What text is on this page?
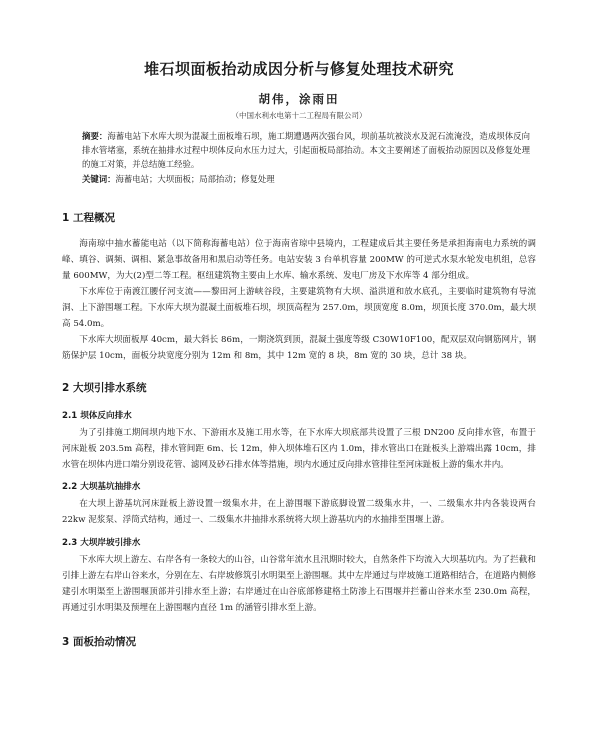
堆石坝面板抬动成因分析与修复处理技术研究
胡伟，涂雨田
（中国水利水电第十二工程局有限公司）
摘要：海蓄电站下水库大坝为混凝土面板堆石坝，施工期遭遇两次强台风，坝前基坑被淡水及泥石流淹没，造成坝体反向排水管堵塞，系统在抽排水过程中坝体反向水压力过大，引起面板局部抬动。本文主要阐述了面板抬动原因以及修复处理的施工对策，并总结施工经验。
关键词：海蓄电站；大坝面板；局部抬动；修复处理
1 工程概况

海南琼中抽水蓄能电站（以下简称海蓄电站）位于海南省琼中县境内，工程建成后其主要任务是承担海南电力系统的调峰、填谷、调频、调相、紧急事故备用和黑启动等任务。电站安装 3 台单机容量 200MW 的可逆式水泵水轮发电机组，总容量 600MW，为大(2)型二等工程。枢纽建筑物主要由上水库、输水系统、发电厂房及下水库等 4 部分组成。

下水库位于南渡江腰仔河支流——黎田河上游峡谷段，主要建筑物有大坝、溢洪道和放水底孔，主要临时建筑物有导流洞、上下游围堰工程。下水库大坝为混凝土面板堆石坝，坝顶高程为 257.0m，坝顶宽度 8.0m，坝顶长度 370.0m，最大坝高 54.0m。

下水库大坝面板厚 40cm，最大斜长 86m，一期浇筑到顶，混凝土强度等级 C30W10F100，配双层双向钢筋网片，钢筋保护层 10cm，面板分块宽度分别为 12m 和 8m，其中 12m 宽的 8 块，8m 宽的 30 块，总计 38 块。

2 大坝引排水系统
2.1 坝体反向排水

为了引排施工期间坝内地下水、下游雨水及施工用水等，在下水库大坝底部共设置了三根 DN200 反向排水管，布置于河床趾板 203.5m 高程，排水管间距 6m、长 12m，伸入坝体堆石区内 1.0m，排水管出口在趾板头上游端出露 10cm，排水管在坝体内进口端分别设花管、滤网及砂石排水体等措施，坝内水通过反向排水管排往至河床趾板上游的集水井内。

2.2 大坝基坑抽排水

在大坝上游基坑河床趾板上游设置一级集水井，在上游围堰下游底脚设置二级集水井，一、二级集水井内各装设两台 22kw 泥浆泵、浮筒式结构，通过一、二级集水井抽排水系统将大坝上游基坑内的水抽排至围堰上游。

2.3 大坝岸坡引排水

下水库大坝上游左、右岸各有一条较大的山谷，山谷常年流水且汛期时较大，自然条件下均流入大坝基坑内。为了拦截和引排上游左右岸山谷来水，分别在左、右岸坡修筑引水明渠至上游围堰。其中左岸通过与岸坡施工道路相结合，在道路内侧修建引水明渠至上游围堰顶部并引排水至上游；右岸通过在山谷底部修建格土防渗上石围堰并拦蓄山谷来水至 230.0m 高程，再通过引水明渠及预埋在上游围堰内直径 1m 的涵管引排水至上游。

3 面板抬动情况
